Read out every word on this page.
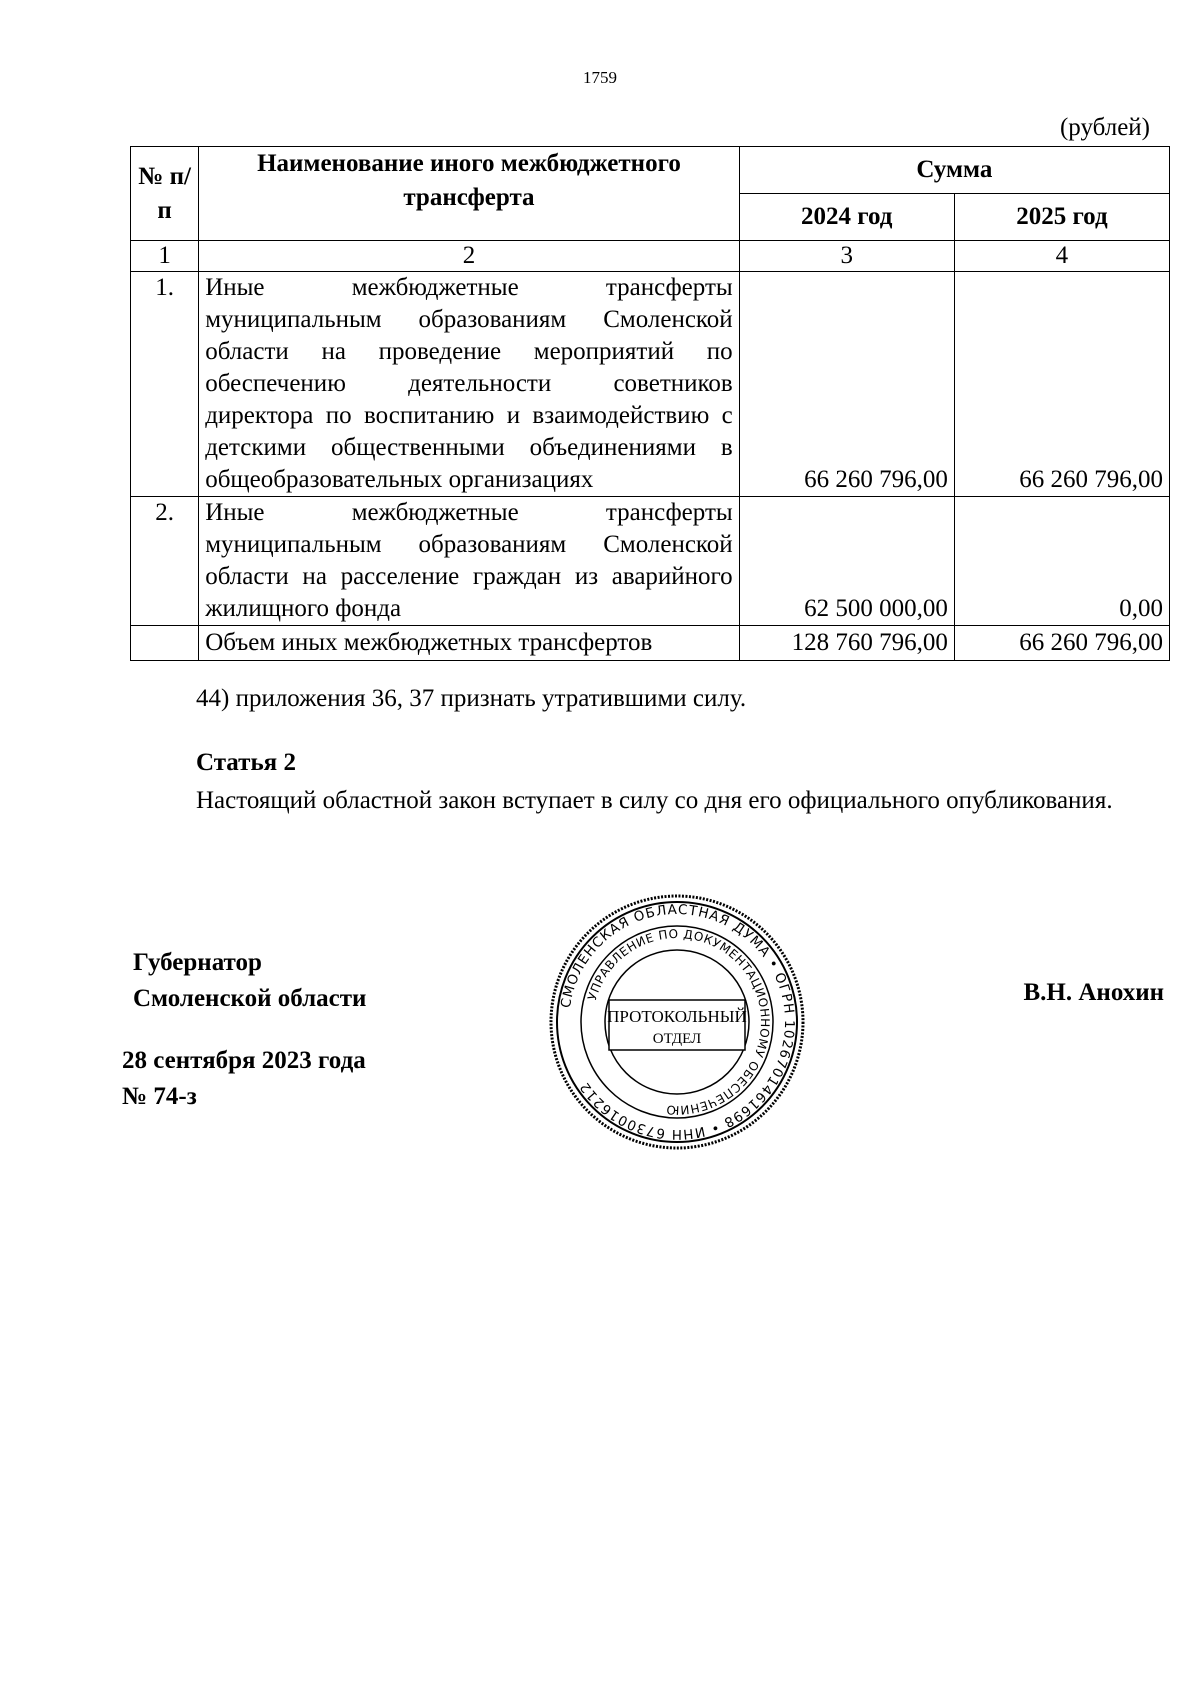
1759
(рублей)
№ п/п	Наименование иного межбюджетного трансферта	Сумма	
		2024 год	2025 год
1	2	3	4
1.	Иные межбюджетные трансферты муниципальным образованиям Смоленской области на проведение мероприятий по обеспечению деятельности советников директора по воспитанию и взаимодействию с детскими общественными объединениями в общеобразовательных организациях	66 260 796,00	66 260 796,00
2.	Иные межбюджетные трансферты муниципальным образованиям Смоленской области на расселение граждан из аварийного жилищного фонда	62 500 000,00	0,00
	Объем иных межбюджетных трансфертов	128 760 796,00	66 260 796,00
44) приложения 36, 37 признать утратившими силу.
Статья 2
Настоящий областной закон вступает в силу со дня его официального опубликования.
Губернатор
Смоленской области	В.Н. Анохин
28 сентября 2023 года
№ 74-з
СМОЛЕНСКАЯ ОБЛАСТНАЯ ДУМА • ОГРН 1026701461698 • ИНН 6730016212
УПРАВЛЕНИЕ ПО ДОКУМЕНТАЦИОННОМУ ОБЕСПЕЧЕНИЮ
ПРОТОКОЛЬНЫЙ
ОТДЕЛ
